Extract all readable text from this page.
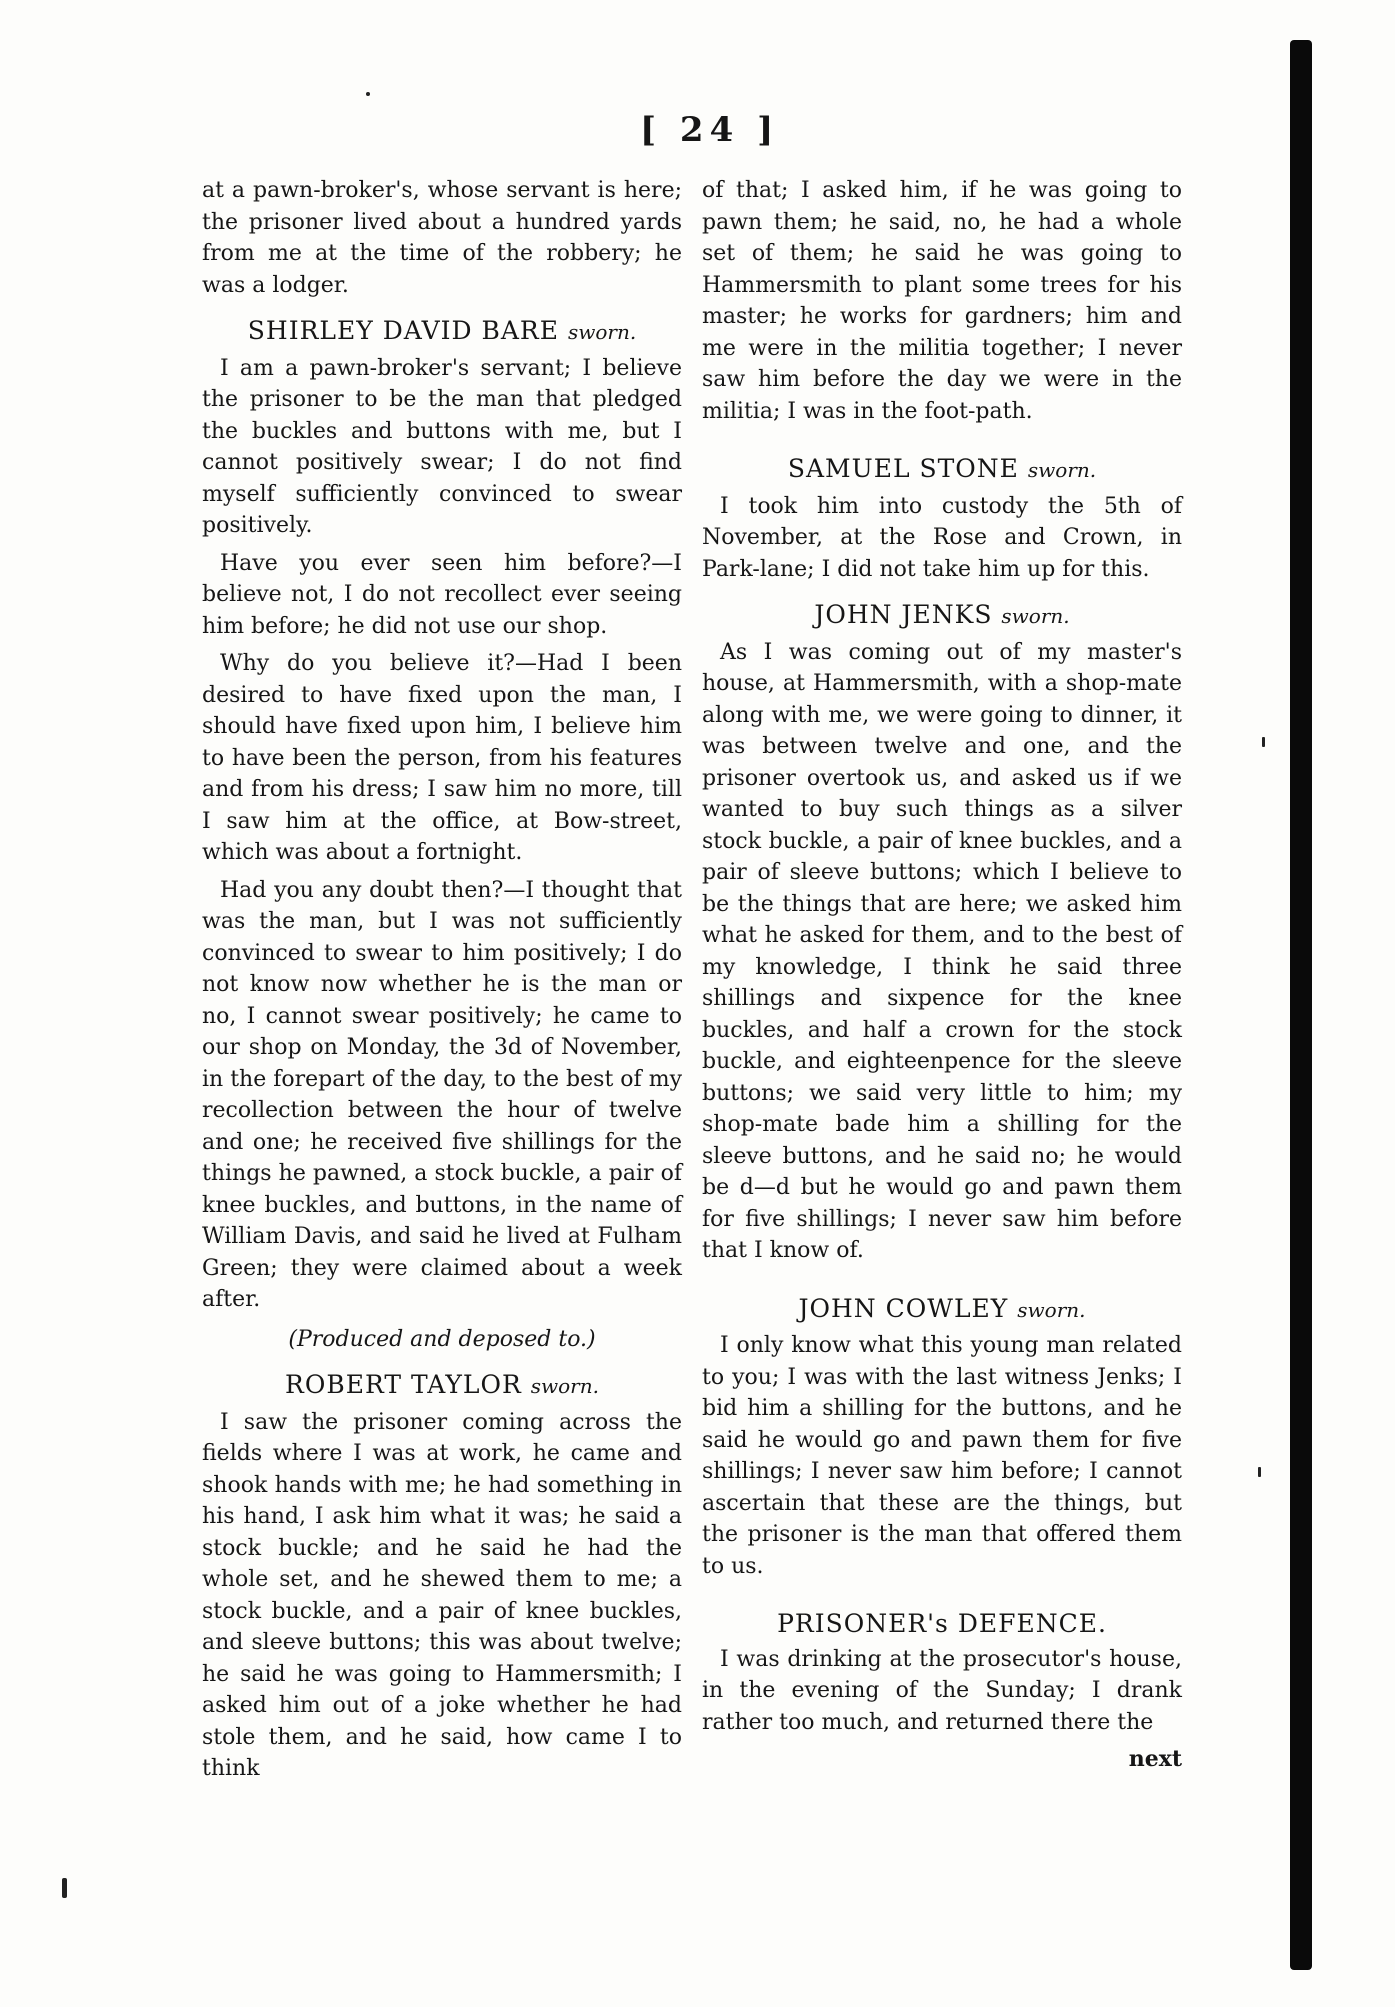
[ 24 ]

at a pawn-broker's, whose servant is here; the prisoner lived about a hundred yards from me at the time of the robbery; he was a lodger.

SHIRLEY DAVID BARE sworn.

I am a pawn-broker's servant; I believe the prisoner to be the man that pledged the buckles and buttons with me, but I cannot positively swear; I do not find myself sufficiently convinced to swear positively.

Have you ever seen him before?—I believe not, I do not recollect ever seeing him before; he did not use our shop.

Why do you believe it?—Had I been desired to have fixed upon the man, I should have fixed upon him, I believe him to have been the person, from his features and from his dress; I saw him no more, till I saw him at the office, at Bow-street, which was about a fortnight.

Had you any doubt then?—I thought that was the man, but I was not sufficiently convinced to swear to him positively; I do not know now whether he is the man or no, I cannot swear positively; he came to our shop on Monday, the 3d of November, in the forepart of the day, to the best of my recollection between the hour of twelve and one; he received five shillings for the things he pawned, a stock buckle, a pair of knee buckles, and buttons, in the name of William Davis, and said he lived at Fulham Green; they were claimed about a week after.

(Produced and deposed to.)

ROBERT TAYLOR sworn.

I saw the prisoner coming across the fields where I was at work, he came and shook hands with me; he had something in his hand, I ask him what it was; he said a stock buckle; and he said he had the whole set, and he shewed them to me; a stock buckle, and a pair of knee buckles, and sleeve buttons; this was about twelve; he said he was going to Hammersmith; I asked him out of a joke whether he had stole them, and he said, how came I to think

of that; I asked him, if he was going to pawn them; he said, no, he had a whole set of them; he said he was going to Hammersmith to plant some trees for his master; he works for gardners; him and me were in the militia together; I never saw him before the day we were in the militia; I was in the foot-path.

SAMUEL STONE sworn.

I took him into custody the 5th of November, at the Rose and Crown, in Park-lane; I did not take him up for this.

JOHN JENKS sworn.

As I was coming out of my master's house, at Hammersmith, with a shop-mate along with me, we were going to dinner, it was between twelve and one, and the prisoner overtook us, and asked us if we wanted to buy such things as a silver stock buckle, a pair of knee buckles, and a pair of sleeve buttons; which I believe to be the things that are here; we asked him what he asked for them, and to the best of my knowledge, I think he said three shillings and sixpence for the knee buckles, and half a crown for the stock buckle, and eighteenpence for the sleeve buttons; we said very little to him; my shop-mate bade him a shilling for the sleeve buttons, and he said no; he would be d—d but he would go and pawn them for five shillings; I never saw him before that I know of.

JOHN COWLEY sworn.

I only know what this young man related to you; I was with the last witness Jenks; I bid him a shilling for the buttons, and he said he would go and pawn them for five shillings; I never saw him before; I cannot ascertain that these are the things, but the prisoner is the man that offered them to us.

PRISONER's DEFENCE.

I was drinking at the prosecutor's house, in the evening of the Sunday; I drank rather too much, and returned there the

next
